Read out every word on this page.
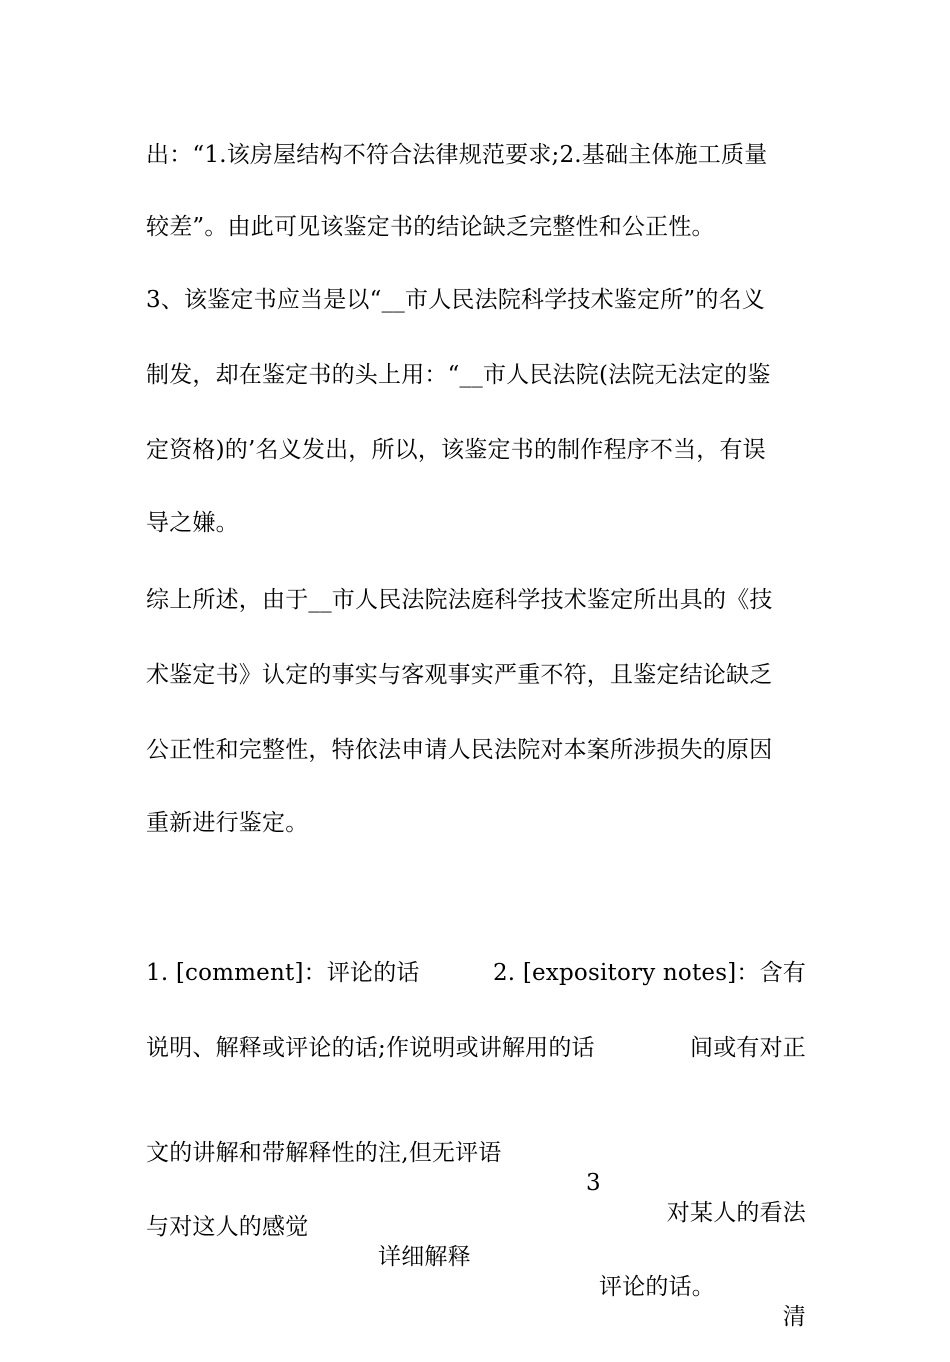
出：“1.该房屋结构不符合法律规范要求;2.基础主体施工质量
较差”。由此可见该鉴定书的结论缺乏完整性和公正性。
3、该鉴定书应当是以“__市人民法院科学技术鉴定所”的名义
制发，却在鉴定书的头上用：“__市人民法院(法院无法定的鉴
定资格)的’名义发出，所以，该鉴定书的制作程序不当，有误
导之嫌。
综上所述，由于__市人民法院法庭科学技术鉴定所出具的《技
术鉴定书》认定的事实与客观事实严重不符，且鉴定结论缺乏
公正性和完整性，特依法申请人民法院对本案所涉损失的原因
重新进行鉴定。
1. [comment]：评论的话	2. [expository notes]：含有
说明、解释或评论的话;作说明或讲解用的话	间或有对正

文的讲解和带解释性的注,但无评语

3

对某人的看法

与对这人的感觉

详细解释

评论的话。

清
